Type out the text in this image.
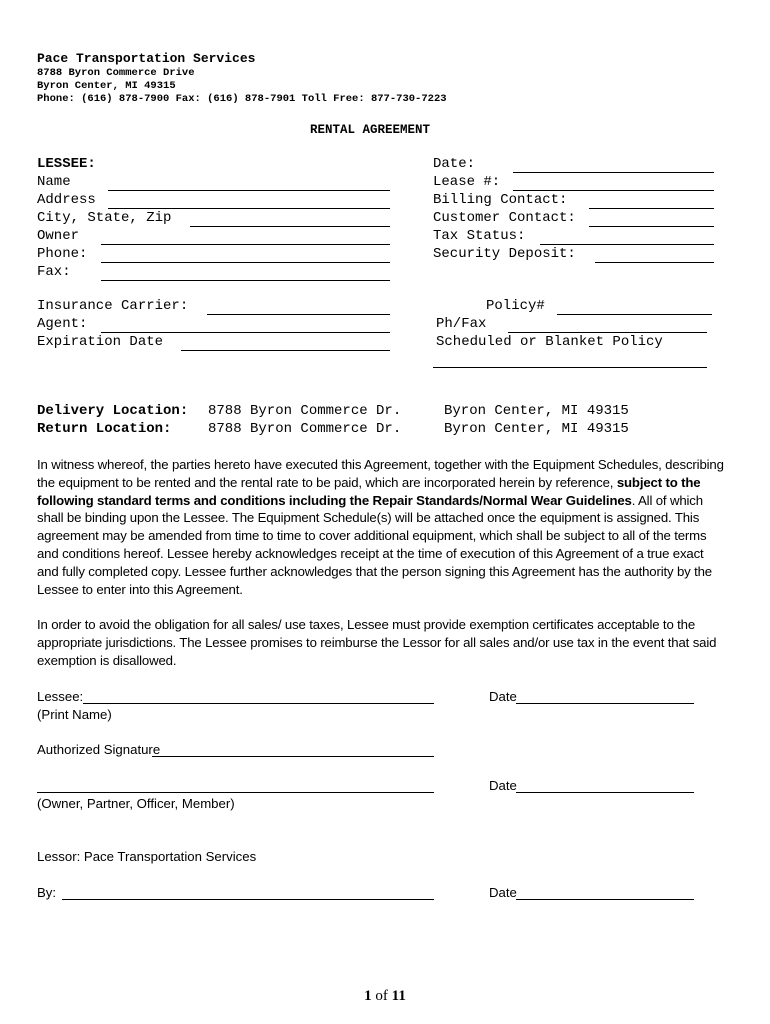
Pace Transportation Services
8788 Byron Commerce Drive
Byron Center, MI 49315
Phone: (616) 878-7900 Fax: (616) 878-7901 Toll Free: 877-730-7223
RENTAL AGREEMENT
LESSEE:
Name
Address
City, State, Zip
Owner
Phone:
Fax:
Date:
Lease #:
Billing Contact:
Customer Contact:
Tax Status:
Security Deposit:
Insurance Carrier:
Agent:
Expiration Date
Policy#
Ph/Fax
Scheduled or Blanket Policy
Delivery Location: 8788 Byron Commerce Dr.	Byron Center, MI 49315
Return Location:	8788 Byron Commerce Dr.	Byron Center, MI 49315
In witness whereof, the parties hereto have executed this Agreement, together with the Equipment Schedules, describing the equipment to be rented and the rental rate to be paid, which are incorporated herein by reference, subject to the following standard terms and conditions including the Repair Standards/Normal Wear Guidelines. All of which shall be binding upon the Lessee. The Equipment Schedule(s) will be attached once the equipment is assigned. This agreement may be amended from time to time to cover additional equipment, which shall be subject to all of the terms and conditions hereof. Lessee hereby acknowledges receipt at the time of execution of this Agreement of a true exact and fully completed copy. Lessee further acknowledges that the person signing this Agreement has the authority by the Lessee to enter into this Agreement.
In order to avoid the obligation for all sales/ use taxes, Lessee must provide exemption certificates acceptable to the appropriate jurisdictions. The Lessee promises to reimburse the Lessor for all sales and/or use tax in the event that said exemption is disallowed.
Lessee:	Date
(Print Name)
Authorized Signature
Date
(Owner, Partner, Officer, Member)
Lessor: Pace Transportation Services
By:	Date
1 of 11
